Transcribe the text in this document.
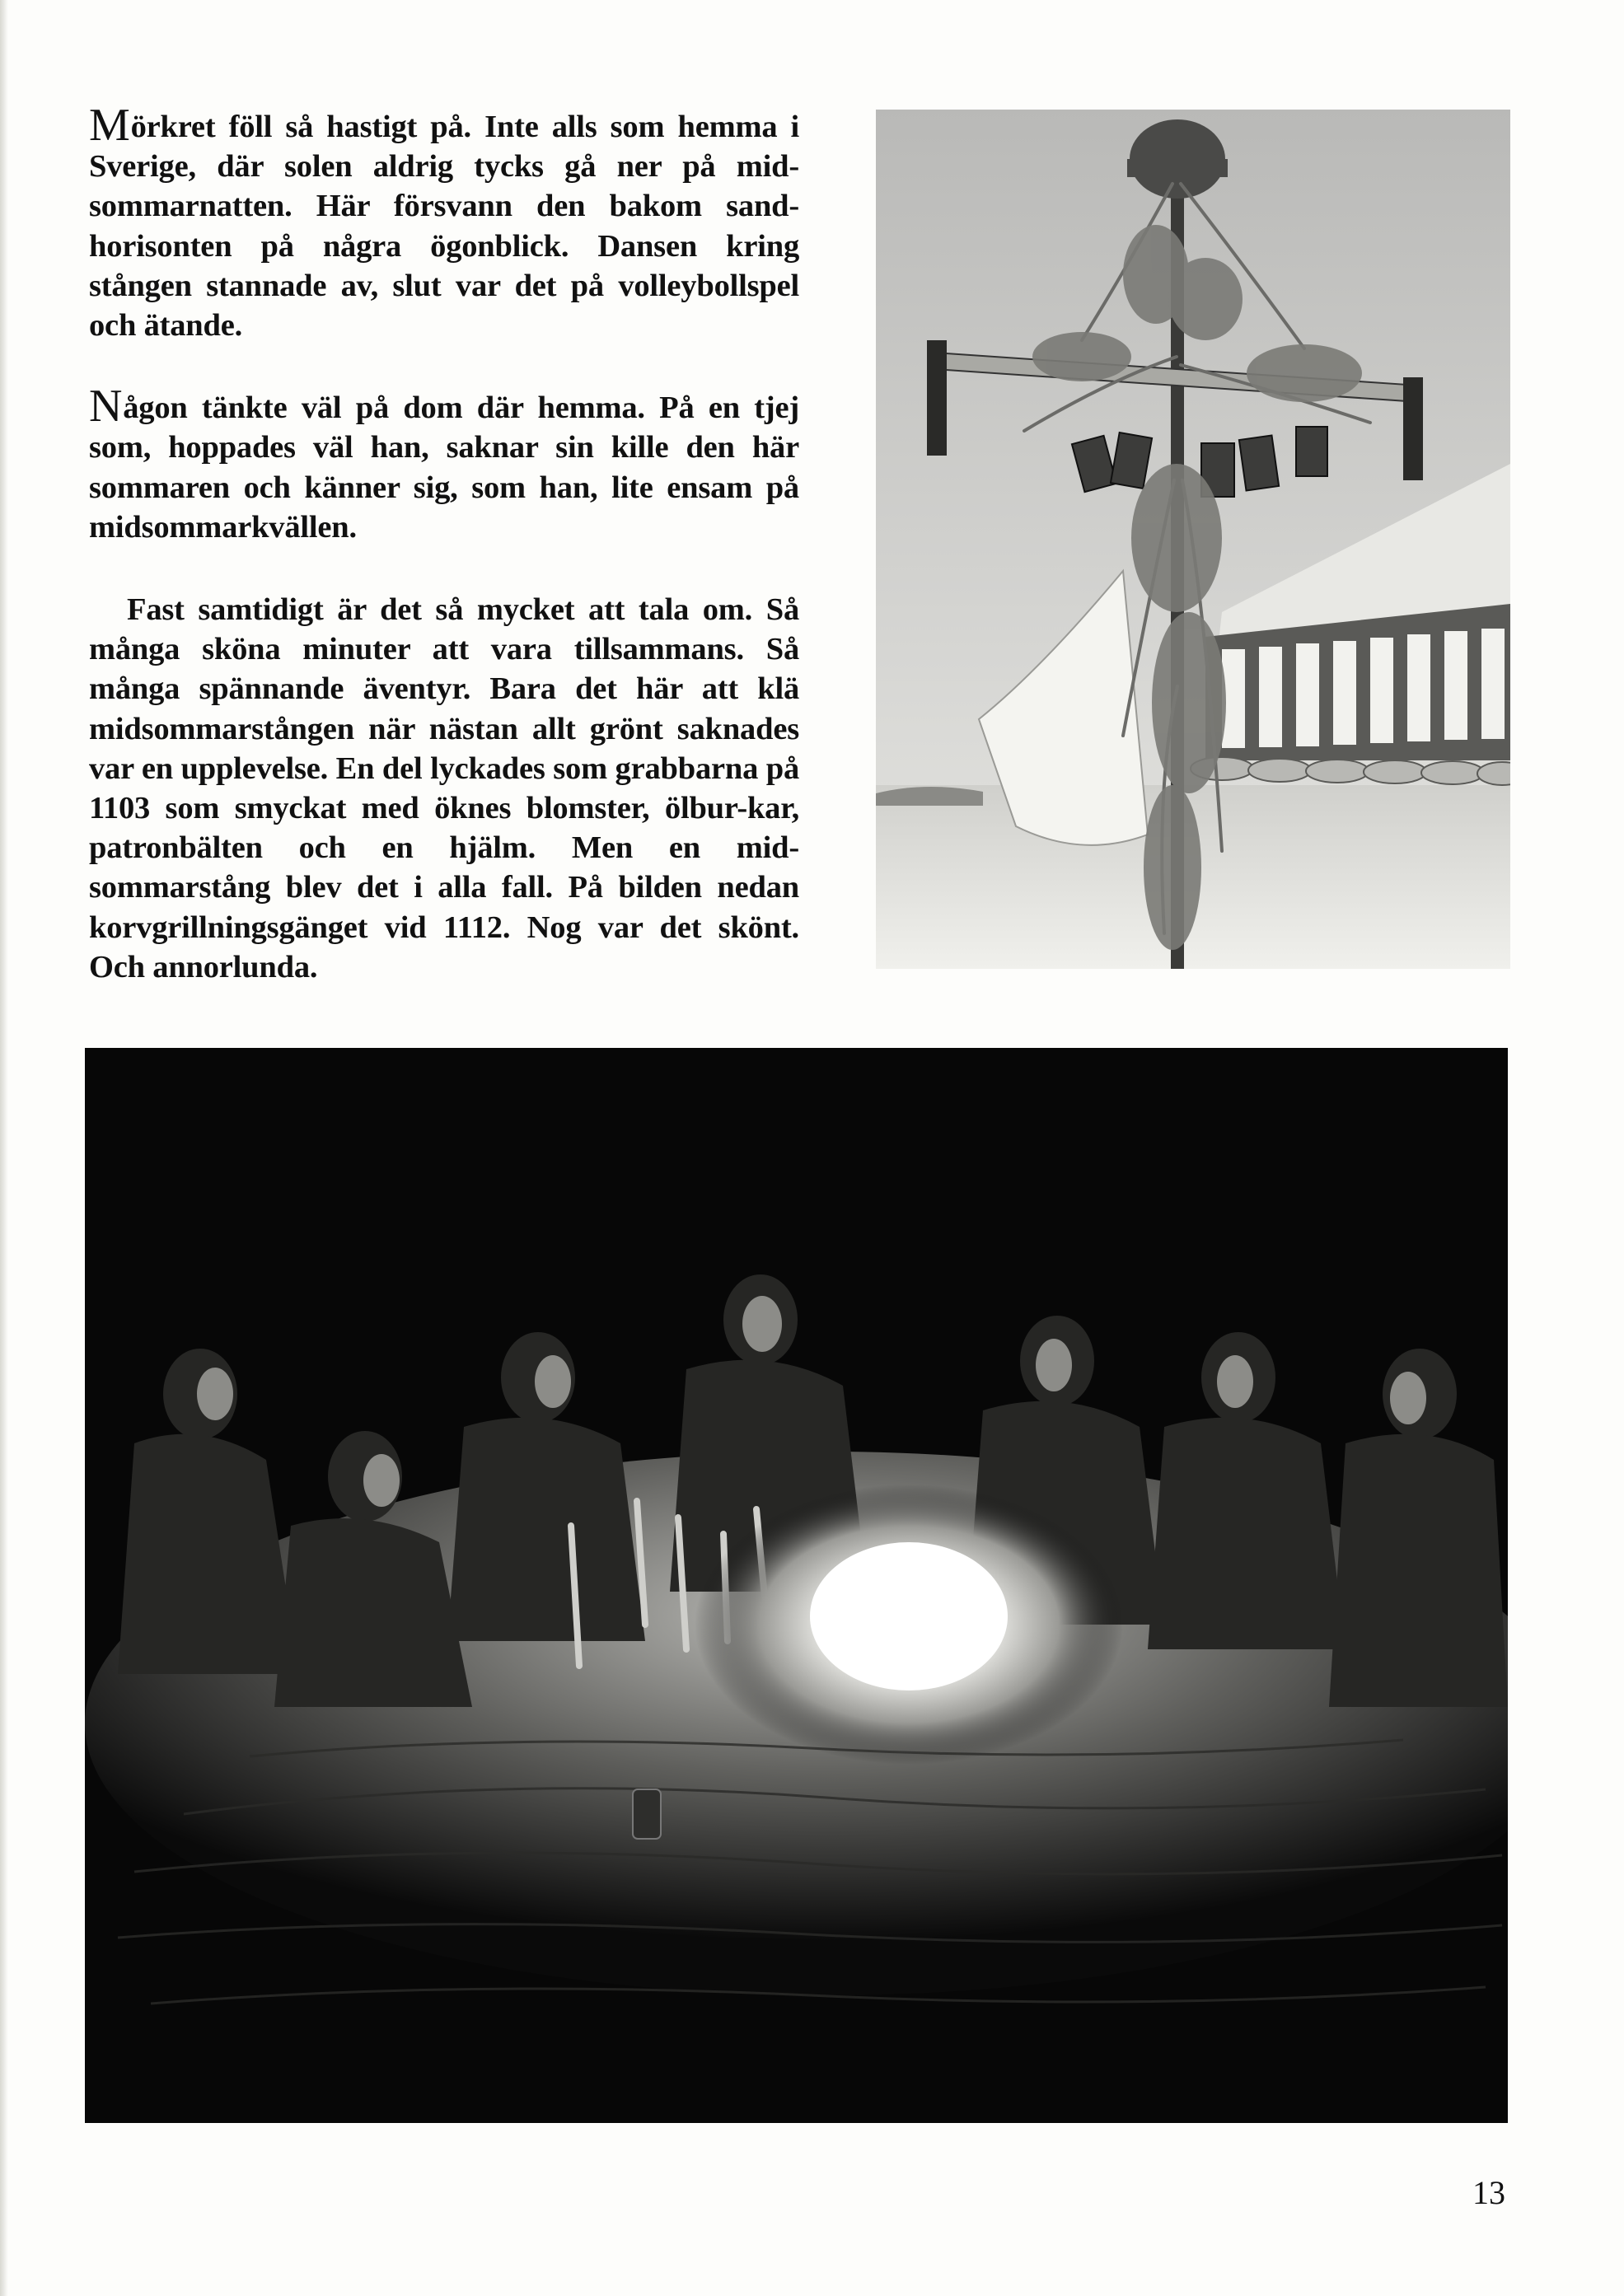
Mörkret föll så hastigt på. Inte alls som hemma i Sverige, där solen aldrig tycks gå ner på mid-sommarnatten. Här försvann den bakom sand-horisonten på några ögonblick. Dansen kring stången stannade av, slut var det på volleybollspel och ätande.

Någon tänkte väl på dom där hemma. På en tjej som, hoppades väl han, saknar sin kille den här sommaren och känner sig, som han, lite ensam på midsommarkvällen.

Fast samtidigt är det så mycket att tala om. Så många sköna minuter att vara tillsammans. Så många spännande äventyr. Bara det här att klä midsommarstången när nästan allt grönt saknades var en upplevelse. En del lyckades som grabbarna på 1103 som smyckat med öknes blomster, ölbur-kar, patronbälten och en hjälm. Men en mid-sommarstång blev det i alla fall. På bilden nedan korvgrillningsgänget vid 1112. Nog var det skönt. Och annorlunda.

13
